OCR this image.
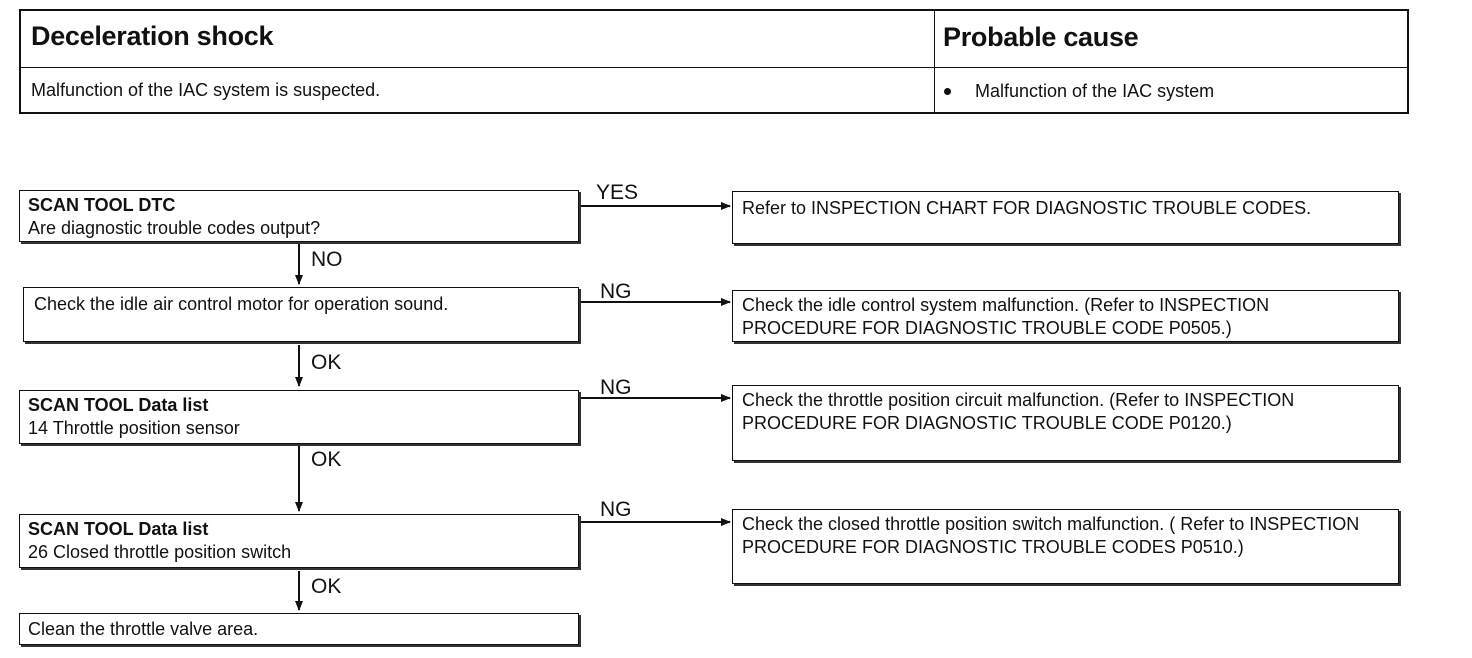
Deceleration shock	Probable cause
Malfunction of the IAC system is suspected.	Malfunction of the IAC system
SCAN TOOL DTC
Are diagnostic trouble codes output?
Check the idle air control motor for operation sound.
SCAN TOOL Data list
14 Throttle position sensor
SCAN TOOL Data list
26 Closed throttle position switch
Clean the throttle valve area.
NO
OK
OK
OK
YES
NG
NG
NG
Refer to INSPECTION CHART FOR DIAGNOSTIC TROUBLE CODES.
Check the idle control system malfunction. (Refer to INSPECTION PROCEDURE FOR DIAGNOSTIC TROUBLE CODE P0505.)
Check the throttle position circuit malfunction. (Refer to INSPECTION PROCEDURE FOR DIAGNOSTIC TROUBLE CODE P0120.)
Check the closed throttle position switch malfunction. ( Refer to INSPECTION PROCEDURE FOR DIAGNOSTIC TROUBLE CODES P0510.)
